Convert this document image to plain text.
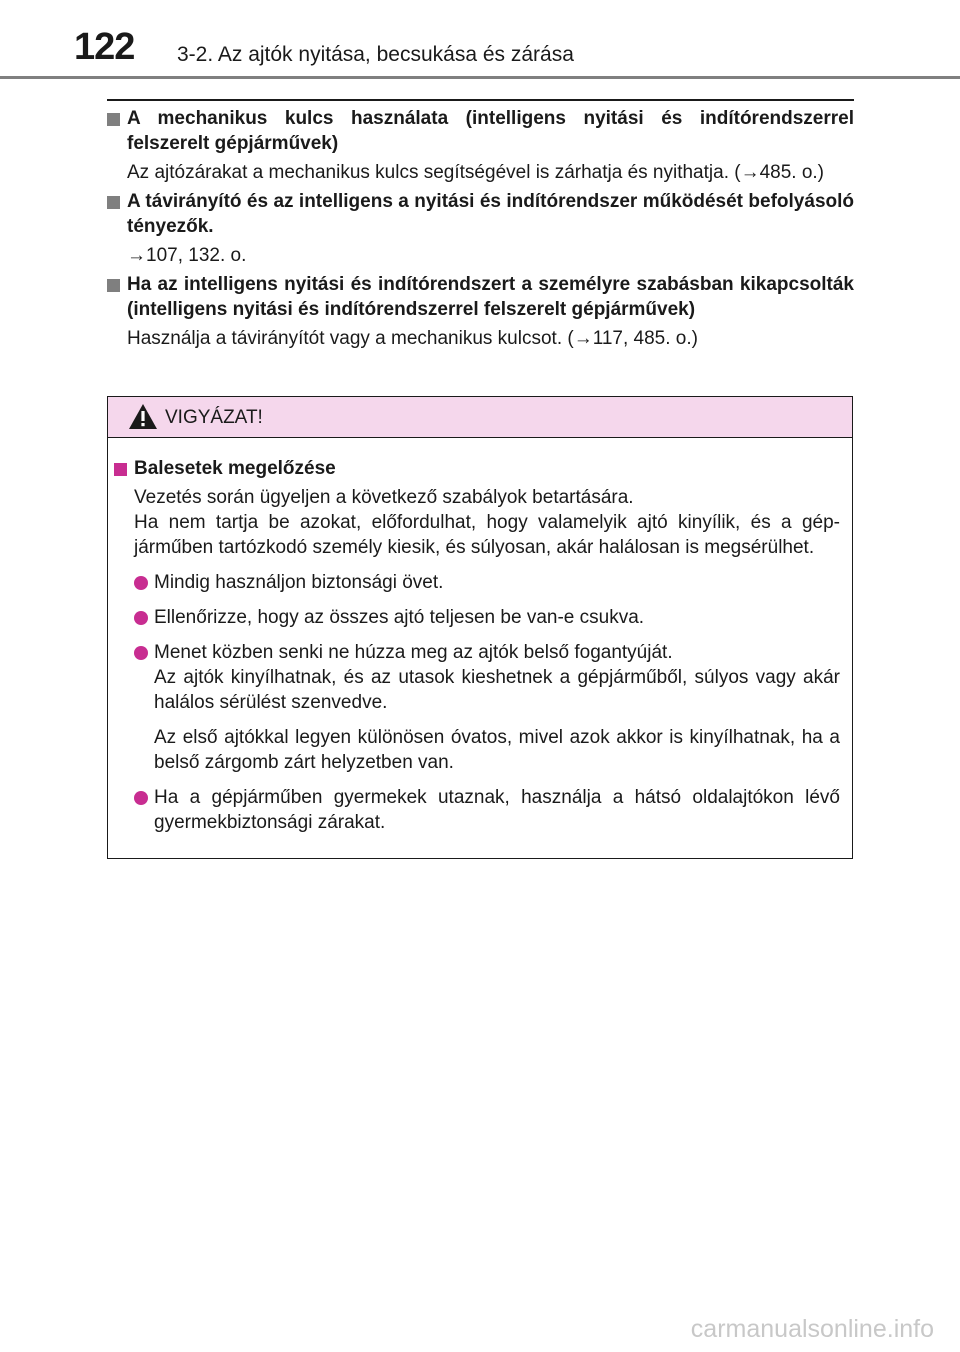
122 3-2. Az ajtók nyitása, becsukása és zárása
A mechanikus kulcs használata (intelligens nyitási és indítórendszerrel felszerelt gépjárművek)
Az ajtózárakat a mechanikus kulcs segítségével is zárhatja és nyithatja. (→485. o.)
A távirányító és az intelligens a nyitási és indítórendszer működését befolyásoló tényezők.
→107, 132. o.
Ha az intelligens nyitási és indítórendszert a személyre szabásban kikapcsolták (intelligens nyitási és indítórendszerrel felszerelt gépjárművek)
Használja a távirányítót vagy a mechanikus kulcsot. (→117, 485. o.)
VIGYÁZAT!
Balesetek megelőzése
Vezetés során ügyeljen a következő szabályok betartására.
Ha nem tartja be azokat, előfordulhat, hogy valamelyik ajtó kinyílik, és a gépjárműben tartózkodó személy kiesik, és súlyosan, akár halálosan is megsérülhet.
Mindig használjon biztonsági övet.
Ellenőrizze, hogy az összes ajtó teljesen be van-e csukva.
Menet közben senki ne húzza meg az ajtók belső fogantyúját.
Az ajtók kinyílhatnak, és az utasok kieshetnek a gépjárműből, súlyos vagy akár halálos sérülést szenvedve.
Az első ajtókkal legyen különösen óvatos, mivel azok akkor is kinyílhatnak, ha a belső zárgomb zárt helyzetben van.
Ha a gépjárműben gyermekek utaznak, használja a hátsó oldalajtókon lévő gyermekbiztonsági zárakat.
carmanualsonline.info
